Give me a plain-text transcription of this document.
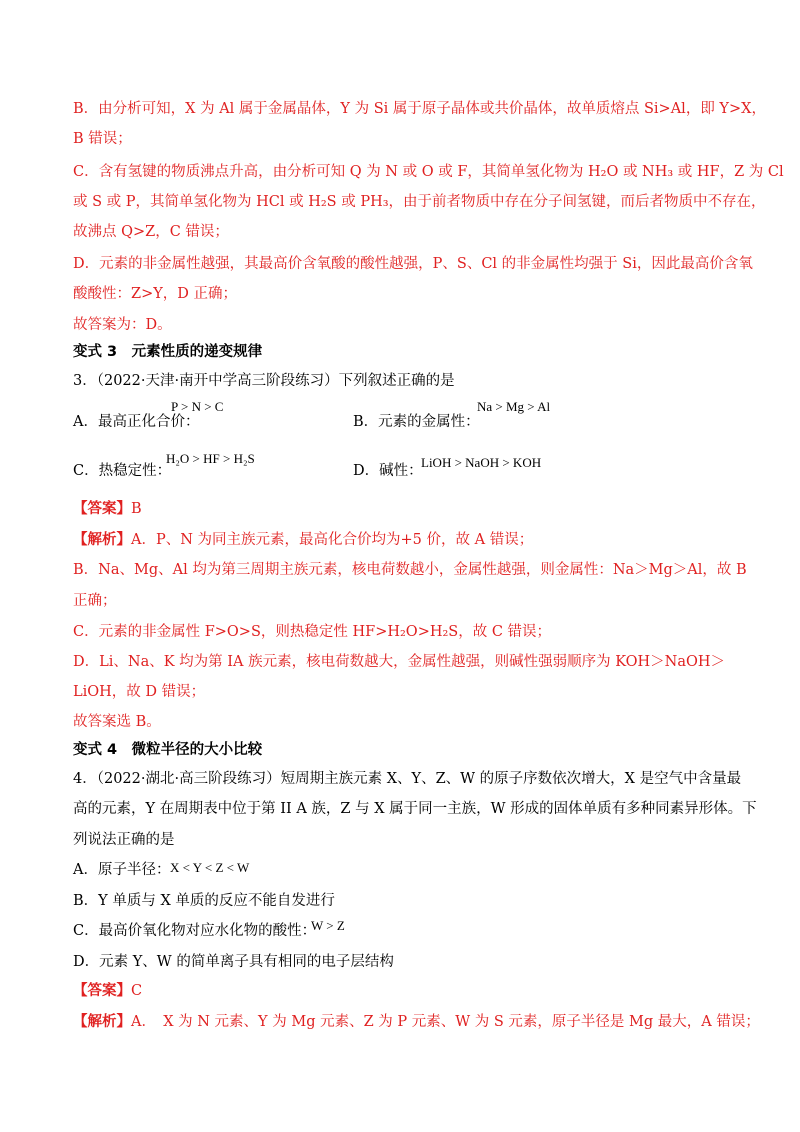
B．由分析可知，X 为 Al 属于金属晶体，Y 为 Si 属于原子晶体或共价晶体，故单质熔点 Si>Al，即 Y>X，
B 错误；
C．含有氢键的物质沸点升高，由分析可知 Q 为 N 或 O 或 F，其简单氢化物为 H₂O 或 NH₃ 或 HF，Z 为 Cl
或 S 或 P，其简单氢化物为 HCl 或 H₂S 或 PH₃，由于前者物质中存在分子间氢键，而后者物质中不存在，
故沸点 Q>Z，C 错误；
D．元素的非金属性越强，其最高价含氧酸的酸性越强，P、S、Cl 的非金属性均强于 Si，因此最高价含氧
酸酸性：Z>Y，D 正确；
故答案为：D。
变式 3　元素性质的递变规律
3．（2022·天津·南开中学高三阶段练习）下列叙述正确的是
A．最高正化合价：
P > N > C
B．元素的金属性：
Na > Mg > Al
C．热稳定性：
H₂O > HF > H₂S
D．碱性：
LiOH > NaOH > KOH
【答案】B
【解析】A．P、N 为同主族元素，最高化合价均为+5 价，故 A 错误；
B．Na、Mg、Al 均为第三周期主族元素，核电荷数越小，金属性越强，则金属性：Na＞Mg＞Al，故 B
正确；
C．元素的非金属性 F>O>S，则热稳定性 HF>H₂O>H₂S，故 C 错误；
D．Li、Na、K 均为第 IA 族元素，核电荷数越大，金属性越强，则碱性强弱顺序为 KOH＞NaOH＞
LiOH，故 D 错误；
故答案选 B。
变式 4　微粒半径的大小比较
4．（2022·湖北·高三阶段练习）短周期主族元素 X、Y、Z、W 的原子序数依次增大，X 是空气中含量最
高的元素，Y 在周期表中位于第 II A 族，Z 与 X 属于同一主族，W 形成的固体单质有多种同素异形体。下
列说法正确的是
A．原子半径： X < Y < Z < W
B．Y 单质与 X 单质的反应不能自发进行
C．最高价氧化物对应水化物的酸性：
W > Z
D．元素 Y、W 的简单离子具有相同的电子层结构
【答案】C
【解析】A．　X 为 N 元素、Y 为 Mg 元素、Z 为 P 元素、W 为 S 元素，原子半径是 Mg 最大，A 错误；
